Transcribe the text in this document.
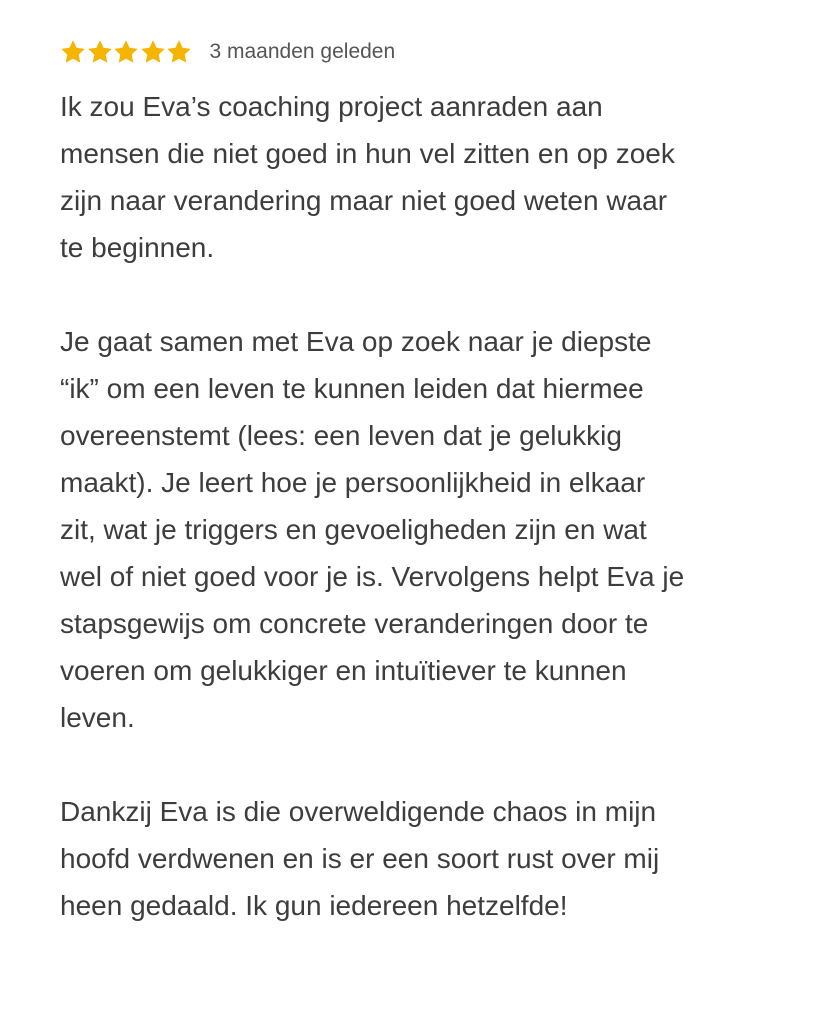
3 maanden geleden

Ik zou Eva’s coaching project aanraden aan
mensen die niet goed in hun vel zitten en op zoek
zijn naar verandering maar niet goed weten waar
te beginnen.

Je gaat samen met Eva op zoek naar je diepste
“ik” om een leven te kunnen leiden dat hiermee
overeenstemt (lees: een leven dat je gelukkig
maakt). Je leert hoe je persoonlijkheid in elkaar
zit, wat je triggers en gevoeligheden zijn en wat
wel of niet goed voor je is. Vervolgens helpt Eva je
stapsgewijs om concrete veranderingen door te
voeren om gelukkiger en intuïtiever te kunnen
leven.

Dankzij Eva is die overweldigende chaos in mijn
hoofd verdwenen en is er een soort rust over mij
heen gedaald. Ik gun iedereen hetzelfde!
